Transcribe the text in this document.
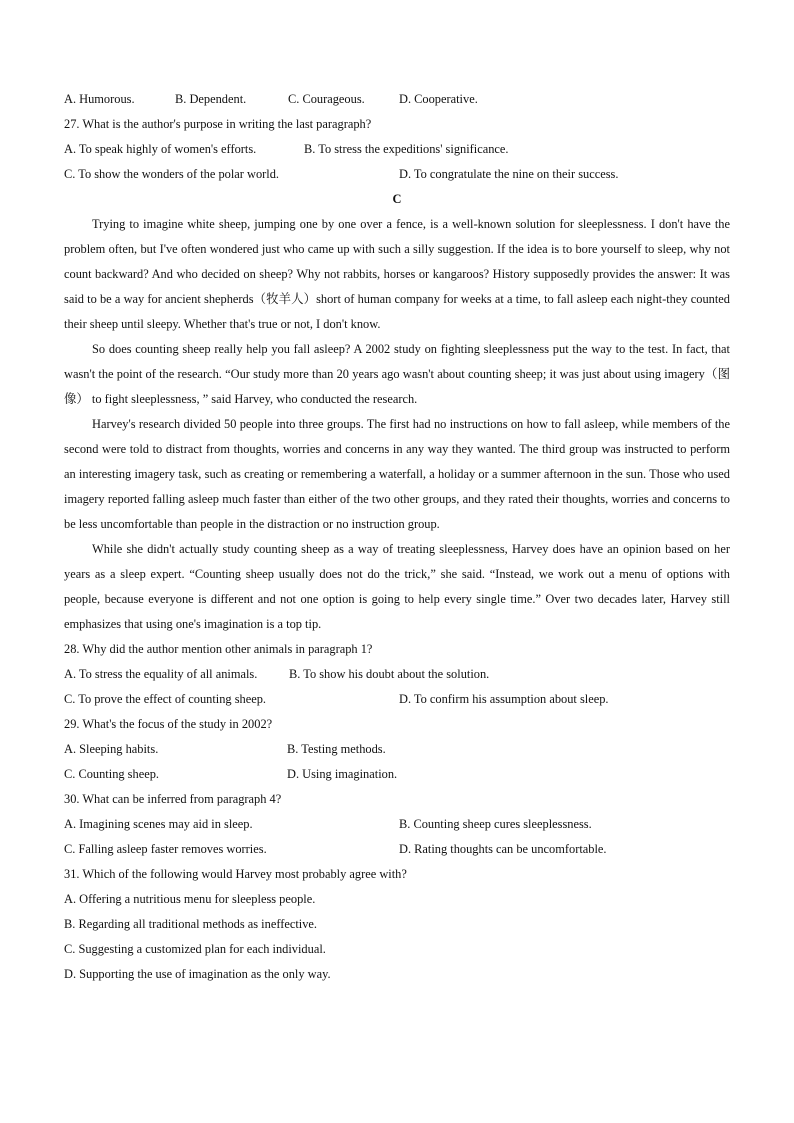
A. Humorous.	B. Dependent.	C. Courageous.	D. Cooperative.
27. What is the author's purpose in writing the last paragraph?
A. To speak highly of women's efforts.	B. To stress the expeditions' significance.
C. To show the wonders of the polar world.	D. To congratulate the nine on their success.
C
Trying to imagine white sheep, jumping one by one over a fence, is a well-known solution for sleeplessness. I don't have the problem often, but I've often wondered just who came up with such a silly suggestion. If the idea is to bore yourself to sleep, why not count backward? And who decided on sheep? Why not rabbits, horses or kangaroos? History supposedly provides the answer: It was said to be a way for ancient shepherds（牧羊人）short of human company for weeks at a time, to fall asleep each night-they counted their sheep until sleepy. Whether that's true or not, I don't know.
So does counting sheep really help you fall asleep? A 2002 study on fighting sleeplessness put the way to the test. In fact, that wasn't the point of the research. “Our study more than 20 years ago wasn't about counting sheep; it was just about using imagery（图像） to fight sleeplessness, ” said Harvey, who conducted the research.
Harvey's research divided 50 people into three groups. The first had no instructions on how to fall asleep, while members of the second were told to distract from thoughts, worries and concerns in any way they wanted. The third group was instructed to perform an interesting imagery task, such as creating or remembering a waterfall, a holiday or a summer afternoon in the sun. Those who used imagery reported falling asleep much faster than either of the two other groups, and they rated their thoughts, worries and concerns to be less uncomfortable than people in the distraction or no instruction group.
While she didn't actually study counting sheep as a way of treating sleeplessness, Harvey does have an opinion based on her years as a sleep expert. “Counting sheep usually does not do the trick,” she said. “Instead, we work out a menu of options with people, because everyone is different and not one option is going to help every single time.” Over two decades later, Harvey still emphasizes that using one's imagination is a top tip.
28. Why did the author mention other animals in paragraph 1?
A. To stress the equality of all animals.	B. To show his doubt about the solution.
C. To prove the effect of counting sheep.	D. To confirm his assumption about sleep.
29. What's the focus of the study in 2002?
A. Sleeping habits.	B. Testing methods.
C. Counting sheep.	D. Using imagination.
30. What can be inferred from paragraph 4?
A. Imagining scenes may aid in sleep.	B. Counting sheep cures sleeplessness.
C. Falling asleep faster removes worries.	D. Rating thoughts can be uncomfortable.
31. Which of the following would Harvey most probably agree with?
A. Offering a nutritious menu for sleepless people.
B. Regarding all traditional methods as ineffective.
C. Suggesting a customized plan for each individual.
D. Supporting the use of imagination as the only way.
